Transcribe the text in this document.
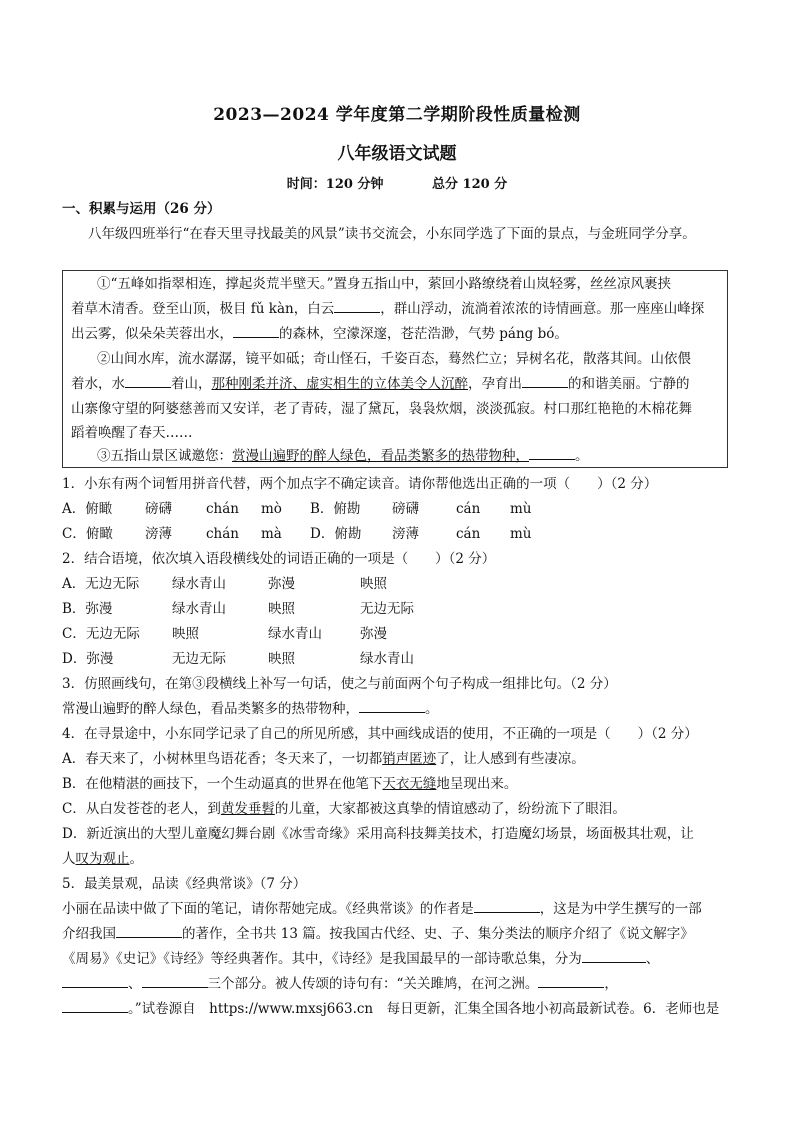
2023—2024 学年度第二学期阶段性质量检测
八年级语文试题
时间：120 分钟	总分 120 分
一、积累与运用（26 分）
八年级四班举行“在春天里寻找最美的风景”读书交流会，小东同学选了下面的景点，与金班同学分享。
①“五峰如指翠相连，撑起炎荒半壁天。”置身五指山中，萦回小路缭绕着山岚轻雾，丝丝凉风裹挟
着草木清香。登至山顶，极目 fǔ kàn，白云	，群山浮动，流淌着浓浓的诗情画意。那一座座山峰探
出云雾，似朵朵芙蓉出水，	的森林，空濛深邃，苍茫浩渺，气势 páng bó。
②山间水库，流水潺潺，镜平如砥；奇山怪石，千姿百态，蓦然伫立；异树名花，散落其间。山依偎
着水，水	着山，那种刚柔并济、虚实相生的立体美令人沉醉，孕育出	的和谐美丽。宁静的
山寨像守望的阿婆慈善而又安详，老了青砖，湿了黛瓦，袅袅炊烟，淡淡孤寂。村口那红艳艳的木棉花舞
蹈着唤醒了春天……
③五指山景区诚邀您：赏漫山遍野的醉人绿色，看品类繁多的热带物种，	。
1．小东有两个词暂用拼音代替，两个加点字不确定读音。请你帮他选出正确的一项（　　）（2 分）
A．俯瞰 磅礴	chán mò B．俯勘 磅礴	cán mù
C．俯瞰 滂薄	chán mà D．俯勘 滂薄	cán mù
2．结合语境，依次填入语段横线处的词语正确的一项是（　　）（2 分）
A．无边无际 绿水青山	弥漫	映照
B．弥漫	绿水青山	映照	无边无际
C．无边无际 映照	绿水青山	弥漫
D．弥漫	无边无际	映照	绿水青山
3．仿照画线句，在第③段横线上补写一句话，使之与前面两个句子构成一组排比句。（2 分）
常漫山遍野的醉人绿色，看品类繁多的热带物种，	。
4．在寻景途中，小东同学记录了自己的所见所感，其中画线成语的使用，不正确的一项是（　　）（2 分）
A．春天来了，小树林里鸟语花香；冬天来了，一切都销声匿迹了，让人感到有些凄凉。
B．在他精湛的画技下，一个生动逼真的世界在他笔下天衣无缝地呈现出来。
C．从白发苍苍的老人，到黄发垂髫的儿童，大家都被这真挚的情谊感动了，纷纷流下了眼泪。
D．新近演出的大型儿童魔幻舞台剧《冰雪奇缘》采用高科技舞美技术，打造魔幻场景，场面极其壮观，让
人叹为观止。
5．最美景观，品读《经典常谈》（7 分）
小丽在品读中做了下面的笔记，请你帮她完成。《经典常谈》的作者是	，这是为中学生撰写的一部
介绍我国	的著作，全书共 13 篇。按我国古代经、史、子、集分类法的顺序介绍了《说文解字》
《周易》《史记》《诗经》等经典著作。其中，《诗经》是我国最早的一部诗歌总集，分为	、
、	三个部分。被人传颂的诗句有：“关关雎鸠，在河之洲。	，
。”试卷源自　https://www.mxsj663.cn　每日更新，汇集全国各地小初高最新试卷。6．老师也是
